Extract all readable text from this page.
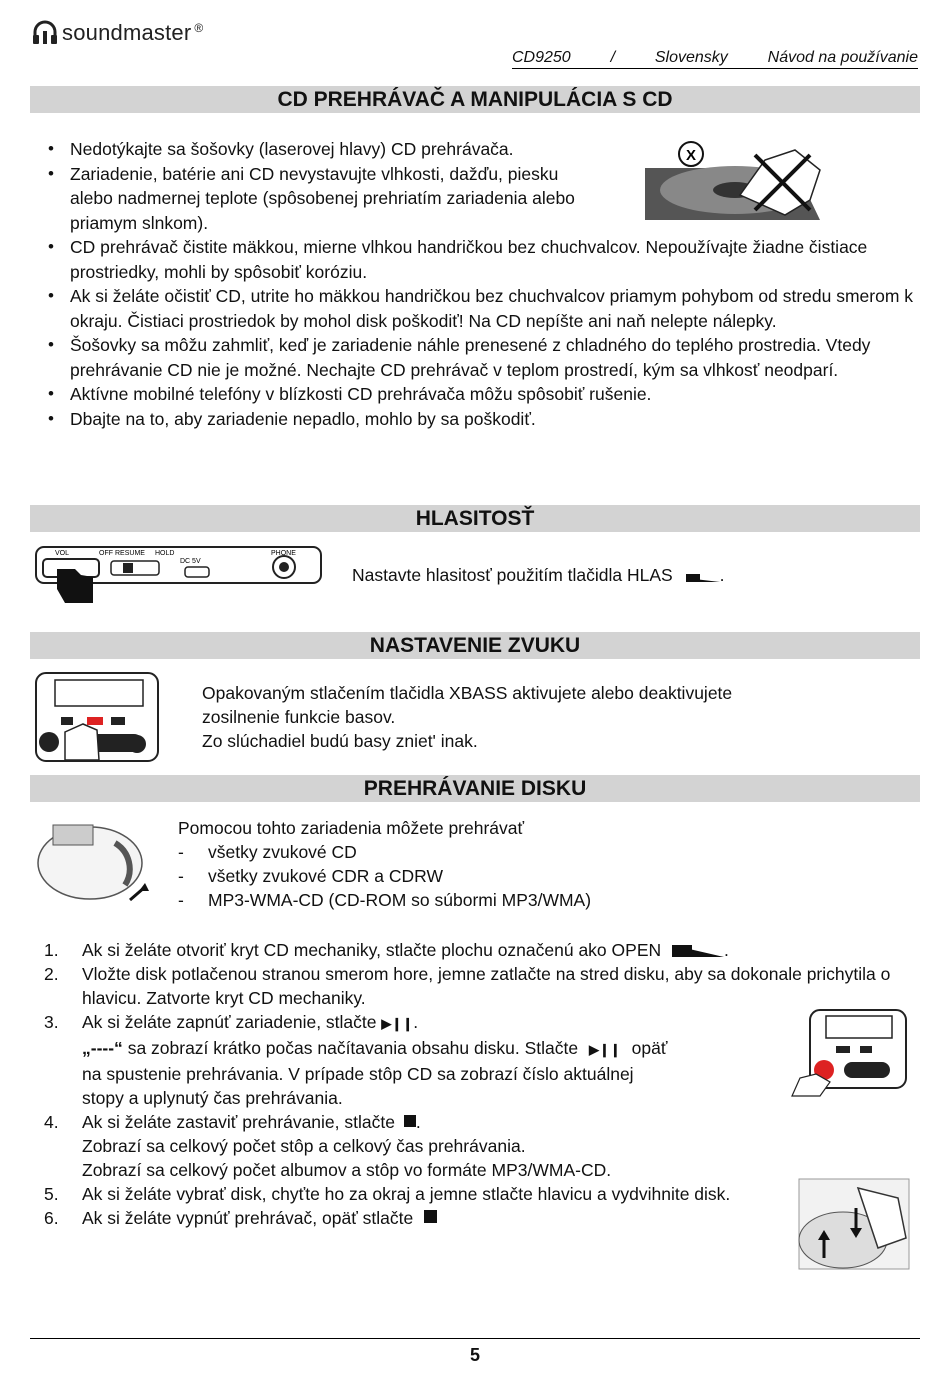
soundmaster ®
CD9250 / Slovensky Návod na používanie
CD PREHRÁVAČ A MANIPULÁCIA S CD
• Nedotýkajte sa šošovky (laserovej hlavy) CD prehrávača.
• Zariadenie, batérie ani CD nevystavujte vlhkosti, dažďu, piesku alebo nadmernej teplote (spôsobenej prehriatím zariadenia alebo priamym slnkom).
• CD prehrávač čistite mäkkou, mierne vlhkou handričkou bez chuchvalcov. Nepoužívajte žiadne čistiace prostriedky, mohli by spôsobiť koróziu.
• Ak si želáte očistiť CD, utrite ho mäkkou handričkou bez chuchvalcov priamym pohybom od stredu smerom k okraju. Čistiaci prostriedok by mohol disk poškodiť! Na CD nepíšte ani naň nelepte nálepky.
• Šošovky sa môžu zahmliť, keď je zariadenie náhle prenesené z chladného do teplého prostredia. Vtedy prehrávanie CD nie je možné. Nechajte CD prehrávač v teplom prostredí, kým sa vlhkosť neodparí.
• Aktívne mobilné telefóny v blízkosti CD prehrávača môžu spôsobiť rušenie.
• Dbajte na to, aby zariadenie nepadlo, mohlo by sa poškodiť.
X
HLASITOSŤ
VOL	OFF RESUME HOLD
DC 5V
PHONE
Nastavte hlasitosť použitím tlačidla HLAS	.
NASTAVENIE ZVUKU
Opakovaným stlačením tlačidla XBASS aktivujete alebo deaktivujete
zosilnenie funkcie basov.
Zo slúchadiel budú basy zniet' inak.
PREHRÁVANIE DISKU
Pomocou tohto zariadenia môžete prehrávať
- všetky zvukové CD
- všetky zvukové CDR a CDRW
- MP3-WMA-CD (CD-ROM so súbormi MP3/WMA)
1. Ak si želáte otvoriť kryt CD mechaniky, stlačte plochu označenú ako OPEN	.
2. Vložte disk potlačenou stranou smerom hore, jemne zatlačte na stred disku, aby sa dokonale prichytila o hlavicu. Zatvorte kryt CD mechaniky.
3. Ak si želáte zapnúť zariadenie, stlačte ▶❙❙.
„----“ sa zobrazí krátko počas načítavania obsahu disku. Stlačte ▶❙❙ opäť
na spustenie prehrávania. V prípade stôp CD sa zobrazí číslo aktuálnej
stopy a uplynutý čas prehrávania.
4. Ak si želáte zastaviť prehrávanie, stlačte .
Zobrazí sa celkový počet stôp a celkový čas prehrávania.
Zobrazí sa celkový počet albumov a stôp vo formáte MP3/WMA-CD.
5. Ak si želáte vybrať disk, chyťte ho za okraj a jemne stlačte hlavicu a vydvihnite disk.
6. Ak si želáte vypnúť prehrávač, opäť stlačte
5
